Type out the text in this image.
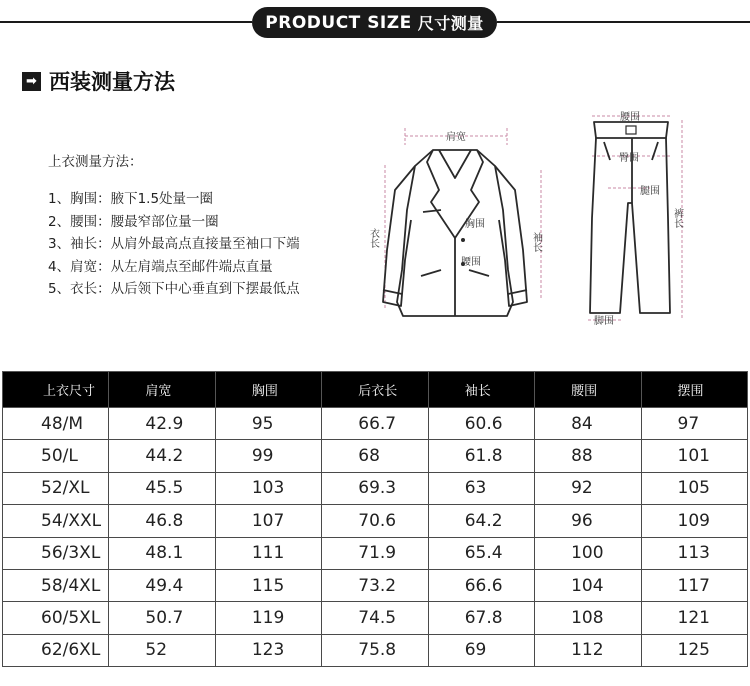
PRODUCT SIZE 尺寸测量
➡ 西装测量方法
上衣测量方法：
1、胸围：腋下1.5处量一圈
2、腰围：腰最窄部位量一圈
3、袖长：从肩外最高点直接量至袖口下端
4、肩宽：从左肩端点至邮件端点直量
5、衣长：从后领下中心垂直到下摆最低点
肩宽
胸围
腰围
衣长	袖长
腰围
臀围
腿围
脚围
裤长
上衣尺寸	肩宽	胸围	后衣长	袖长	腰围	摆围
48/M	42.9	95	66.7	60.6	84	97
50/L	44.2	99	68	61.8	88	101
52/XL	45.5	103	69.3	63	92	105
54/XXL	46.8	107	70.6	64.2	96	109
56/3XL	48.1	111	71.9	65.4	100	113
58/4XL	49.4	115	73.2	66.6	104	117
60/5XL	50.7	119	74.5	67.8	108	121
62/6XL	52	123	75.8	69	112	125
